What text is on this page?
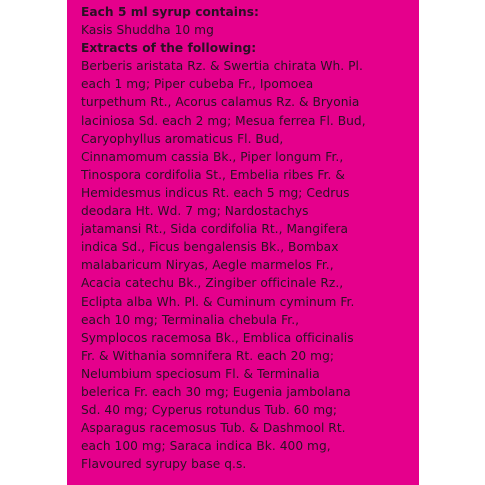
Each 5 ml syrup contains:

Kasis Shuddha 10 mg

Extracts of the following:

Berberis aristata Rz. & Swertia chirata Wh. Pl.

each 1 mg; Piper cubeba Fr., Ipomoea

turpethum Rt., Acorus calamus Rz. & Bryonia

laciniosa Sd. each 2 mg; Mesua ferrea Fl. Bud,

Caryophyllus aromaticus Fl. Bud,

Cinnamomum cassia Bk., Piper longum Fr.,

Tinospora cordifolia St., Embelia ribes Fr. &

Hemidesmus indicus Rt. each 5 mg; Cedrus

deodara Ht. Wd. 7 mg; Nardostachys

jatamansi Rt., Sida cordifolia Rt., Mangifera

indica Sd., Ficus bengalensis Bk., Bombax

malabaricum Niryas, Aegle marmelos Fr.,

Acacia catechu Bk., Zingiber officinale Rz.,

Eclipta alba Wh. Pl. & Cuminum cyminum Fr.

each 10 mg; Terminalia chebula Fr.,

Symplocos racemosa Bk., Emblica officinalis

Fr. & Withania somnifera Rt. each 20 mg;

Nelumbium speciosum Fl. & Terminalia

belerica Fr. each 30 mg; Eugenia jambolana

Sd. 40 mg; Cyperus rotundus Tub. 60 mg;

Asparagus racemosus Tub. & Dashmool Rt.

each 100 mg; Saraca indica Bk. 400 mg,

Flavoured syrupy base q.s.
